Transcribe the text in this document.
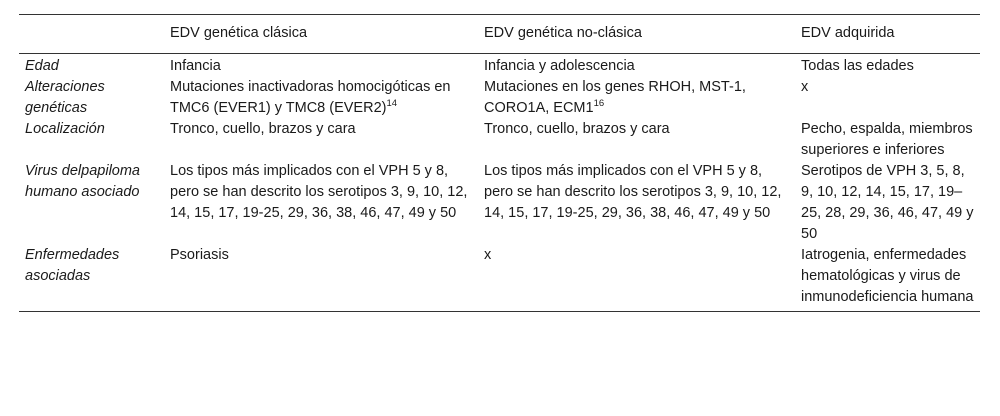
	EDV genética clásica	EDV genética no-clásica	EDV adquirida
Edad	Infancia	Infancia y adolescencia	Todas las edades
Alteraciones genéticas	Mutaciones inactivadoras homocigóticas en TMC6 (EVER1) y TMC8 (EVER2)$^{14}$	Mutaciones en los genes RHOH, MST-1, CORO1A, $ECM1^{16}$	x
Localización	Tronco, cuello, brazos y cara	Tronco, cuello, brazos y cara	Pecho, espalda, miembros superiores e inferiores
Virus delpapiloma humano asociado	Los tipos más implicados con el VPH 5 y 8, pero se han descrito los serotipos 3, 9, 10, 12, 14, 15, 17, 19-25, 29, 36, 38, 46, 47, 49 y 50	Los tipos más implicados con el VPH 5 y 8, pero se han descrito los serotipos 3, 9, 10, 12, 14, 15, 17, 19-25, 29, 36, 38, 46, 47, 49 y 50	Serotipos de VPH 3, 5, 8, 9, 10, 12, 14, 15, 17, 19–25, 28, 29, 36, 46, 47, 49 y 50
Enfermedades asociadas	Psoriasis	x	Iatrogenia, enfermedades hematológicas y virus de inmunodeficiencia humana
